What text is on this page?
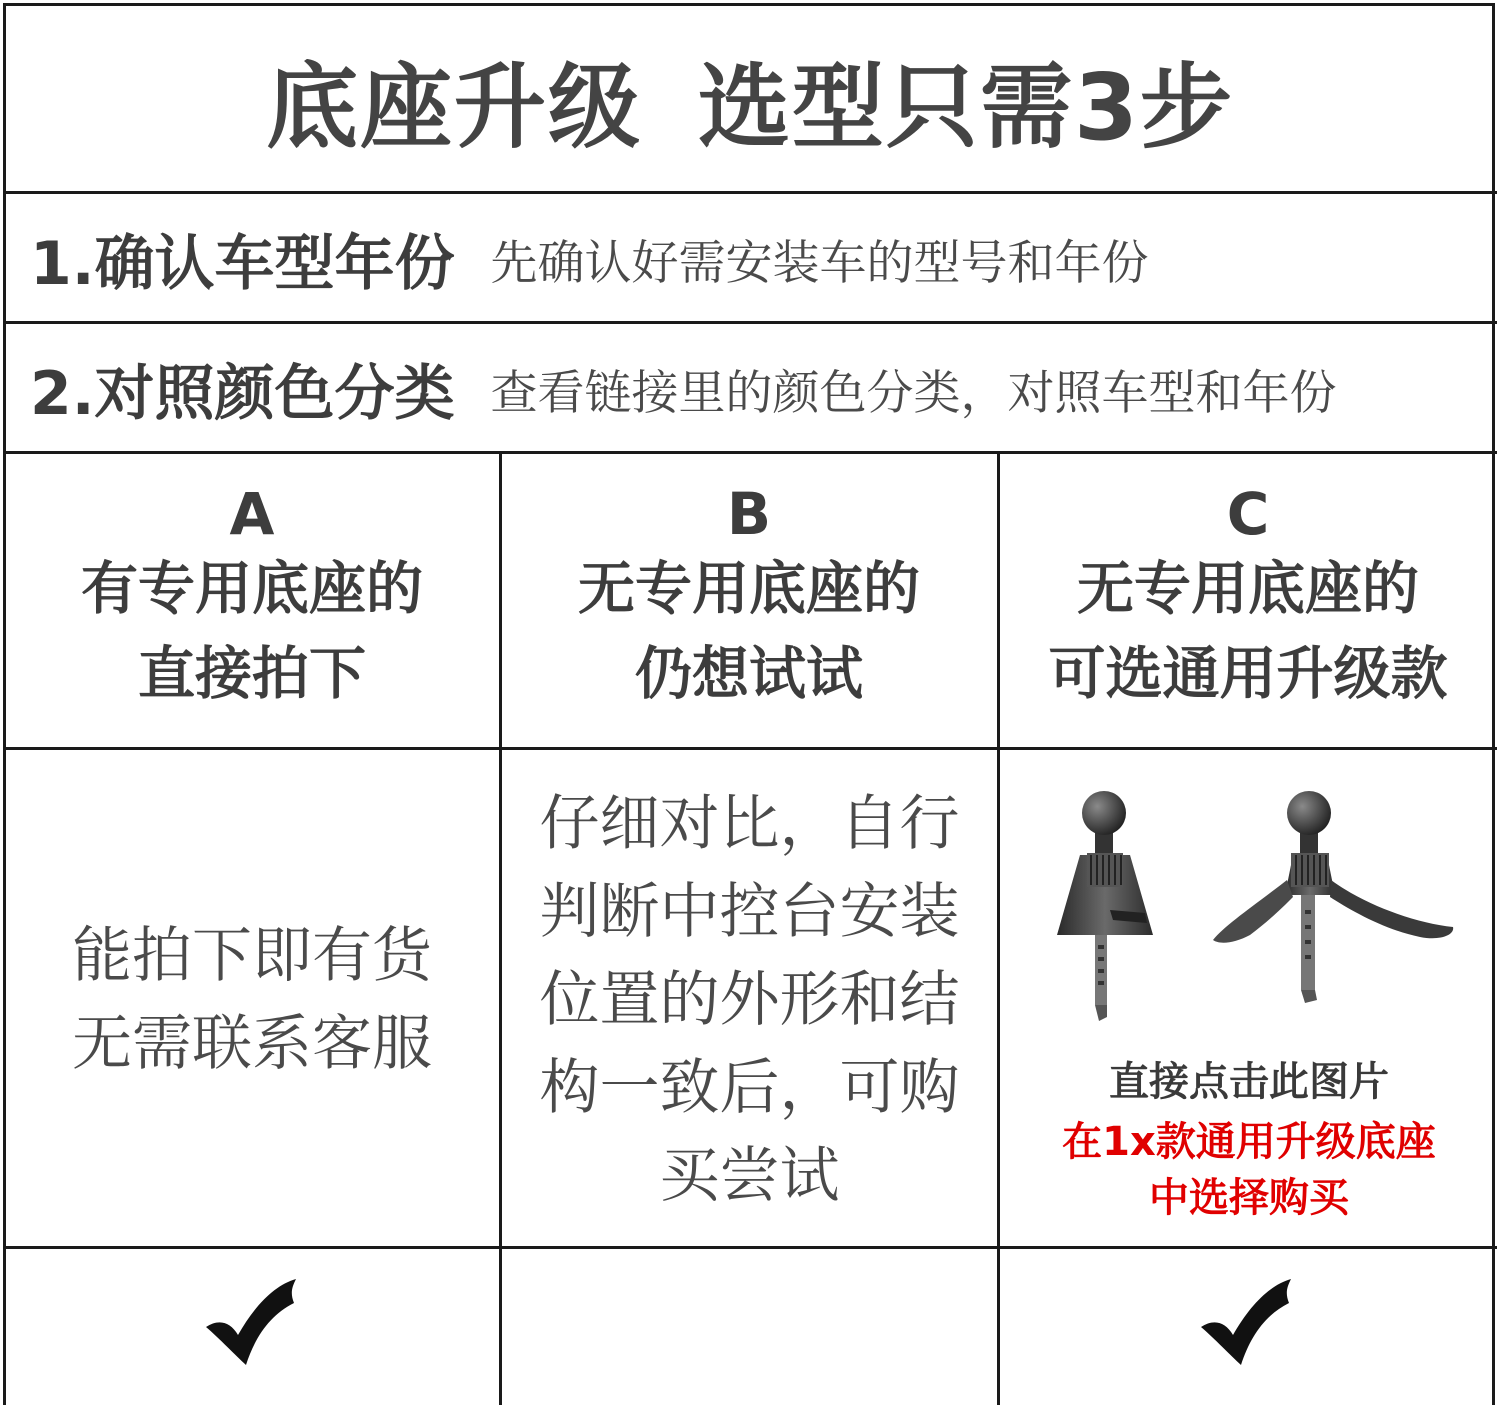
底座升级 选型只需3步
1.确认车型年份 先确认好需安装车的型号和年份
2.对照颜色分类 查看链接里的颜色分类，对照车型和年份
A
有专用底座的
直接拍下
B
无专用底座的
仍想试试
C
无专用底座的
可选通用升级款
能拍下即有货
无需联系客服
仔细对比，自行
判断中控台安装
位置的外形和结
构一致后，可购
买尝试
直接点击此图片
在1x款通用升级底座
中选择购买
